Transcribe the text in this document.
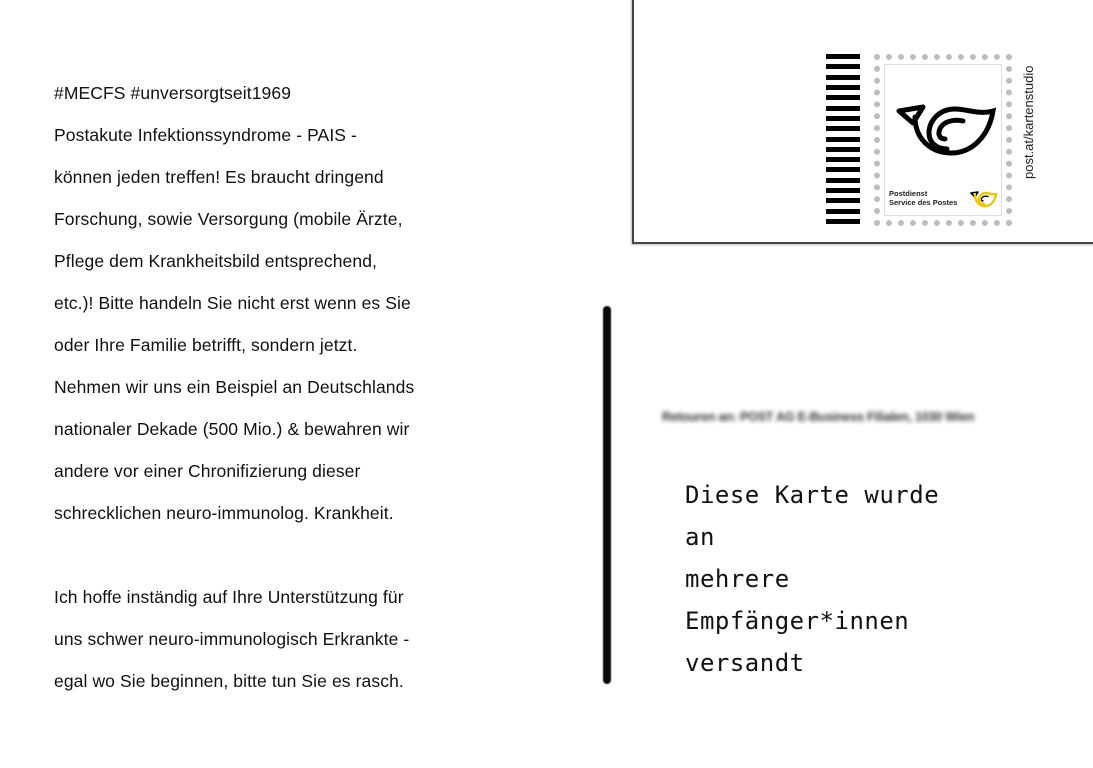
#MECFS #unversorgtseit1969
Postakute Infektionssyndrome - PAIS -
können jeden treffen! Es braucht dringend
Forschung, sowie Versorgung (mobile Ärzte,
Pflege dem Krankheitsbild entsprechend,
etc.)! Bitte handeln Sie nicht erst wenn es Sie
oder Ihre Familie betrifft, sondern jetzt.
Nehmen wir uns ein Beispiel an Deutschlands
nationaler Dekade (500 Mio.) & bewahren wir
andere vor einer Chronifizierung dieser
schrecklichen neuro-immunolog. Krankheit.
Ich hoffe inständig auf Ihre Unterstützung für
uns schwer neuro-immunologisch Erkrankte -
egal wo Sie beginnen, bitte tun Sie es rasch.
Postdienst
Service des Postes
post.at/kartenstudio
Retouren an: POST AG E-Business Filialen, 1030 Wien
Diese Karte wurde
an
mehrere
Empfänger*innen
versandt
